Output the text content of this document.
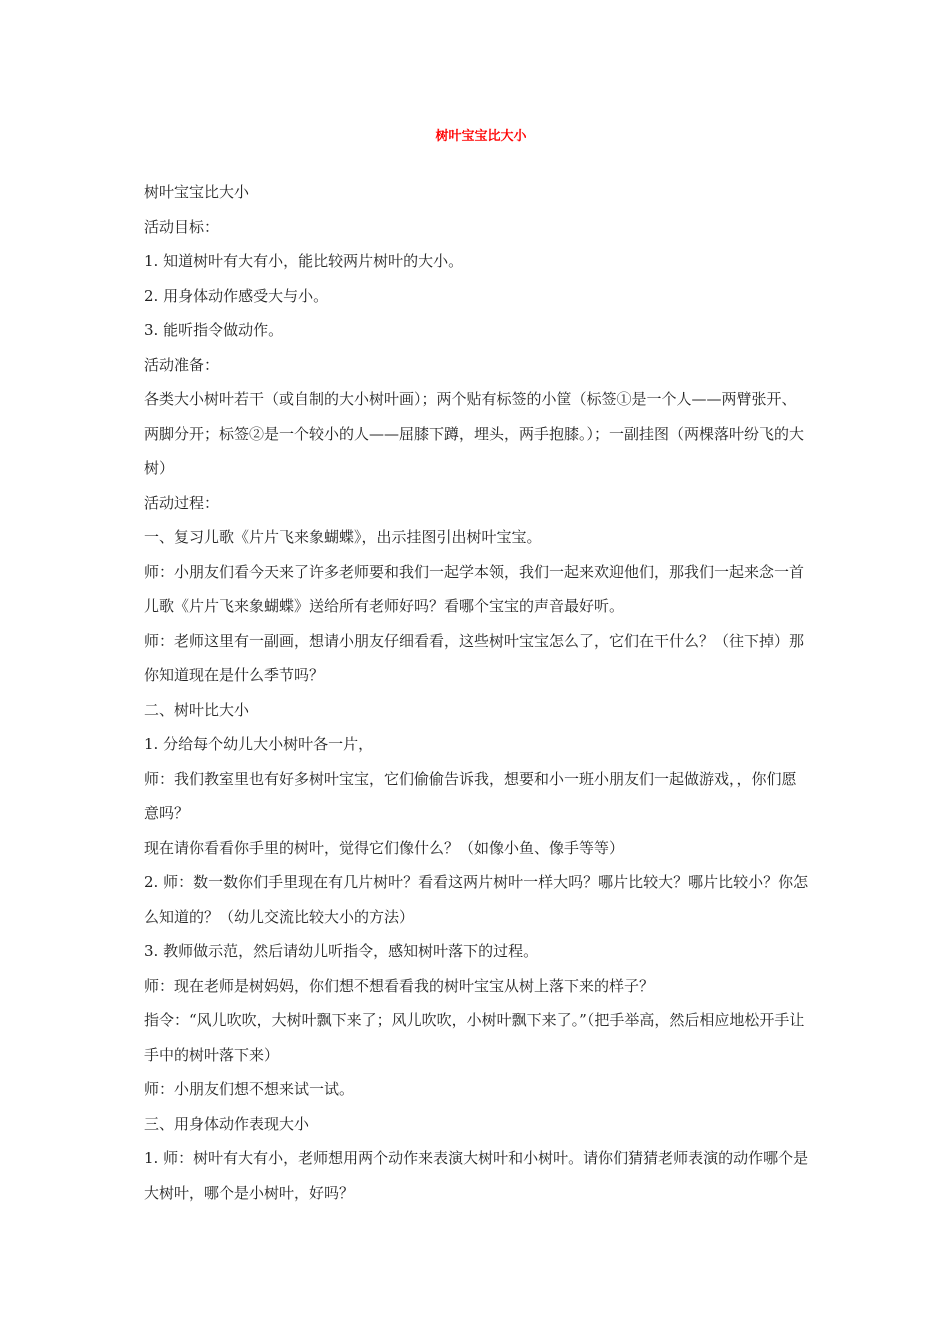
树叶宝宝比大小

树叶宝宝比大小

活动目标：

1. 知道树叶有大有小，能比较两片树叶的大小。

2. 用身体动作感受大与小。

3. 能听指令做动作。

活动准备：

各类大小树叶若干（或自制的大小树叶画）；两个贴有标签的小筐（标签①是一个人——两臂张开、两脚分开；标签②是一个较小的人——屈膝下蹲，埋头，两手抱膝。）；一副挂图（两棵落叶纷飞的大树）

活动过程：

一、复习儿歌《片片飞来象蝴蝶》，出示挂图引出树叶宝宝。

师：小朋友们看今天来了许多老师要和我们一起学本领，我们一起来欢迎他们，那我们一起来念一首儿歌《片片飞来象蝴蝶》送给所有老师好吗？看哪个宝宝的声音最好听。

师：老师这里有一副画，想请小朋友仔细看看，这些树叶宝宝怎么了，它们在干什么？（往下掉）那你知道现在是什么季节吗？

二、树叶比大小

1. 分给每个幼儿大小树叶各一片，

师：我们教室里也有好多树叶宝宝，它们偷偷告诉我，想要和小一班小朋友们一起做游戏，，你们愿意吗？

现在请你看看你手里的树叶，觉得它们像什么？（如像小鱼、像手等等）

2. 师：数一数你们手里现在有几片树叶？看看这两片树叶一样大吗？哪片比较大？哪片比较小？你怎么知道的？（幼儿交流比较大小的方法）

3. 教师做示范，然后请幼儿听指令，感知树叶落下的过程。

师：现在老师是树妈妈，你们想不想看看我的树叶宝宝从树上落下来的样子？

指令：“风儿吹吹，大树叶飘下来了；风儿吹吹，小树叶飘下来了。”（把手举高，然后相应地松开手让手中的树叶落下来）

师：小朋友们想不想来试一试。

三、用身体动作表现大小

1. 师：树叶有大有小，老师想用两个动作来表演大树叶和小树叶。请你们猜猜老师表演的动作哪个是大树叶，哪个是小树叶，好吗？
